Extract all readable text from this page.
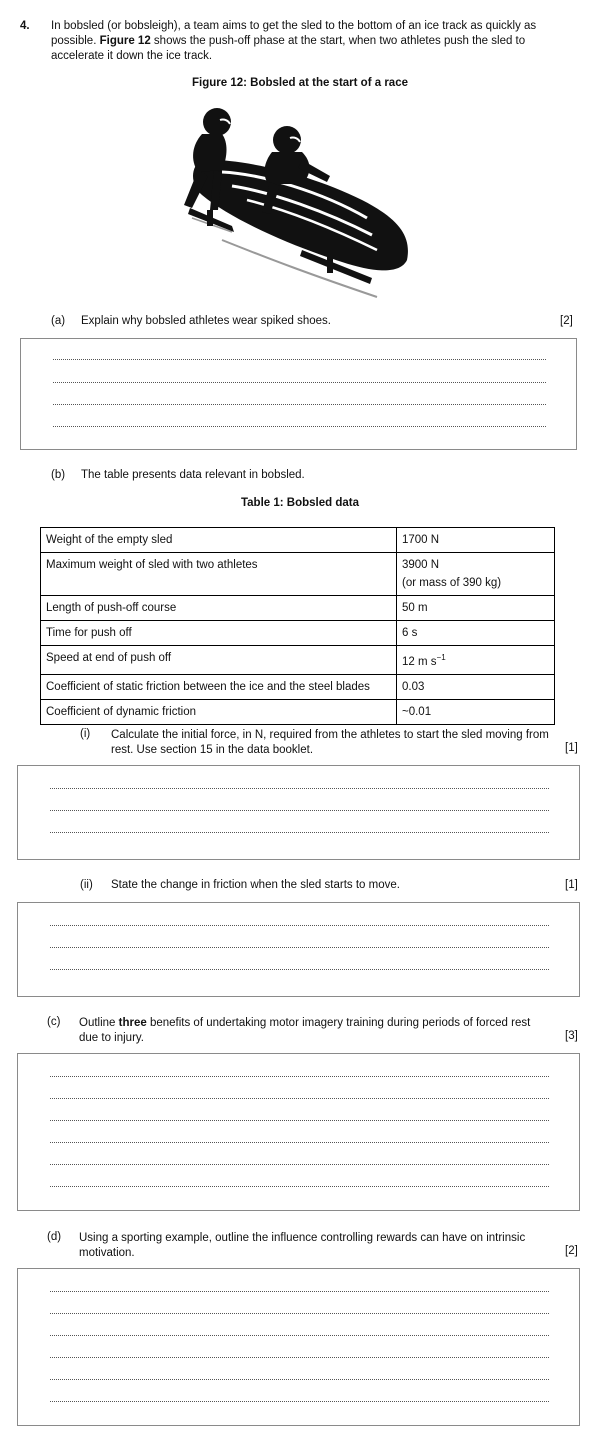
4. In bobsled (or bobsleigh), a team aims to get the sled to the bottom of an ice track as quickly as possible. Figure 12 shows the push-off phase at the start, when two athletes push the sled to accelerate it down the ice track.
Figure 12: Bobsled at the start of a race
(a) Explain why bobsled athletes wear spiked shoes.	[2]
(b) The table presents data relevant in bobsled.
Table 1: Bobsled data
Weight of the empty sled	1700 N
Maximum weight of sled with two athletes	3900 N
(or mass of 390 kg)

Length of push-off course	50 m
Time for push off	6 s
Speed at end of push off	12 m $s^{-1}$
Coefficient of static friction between the ice and the steel blades	0.03
Coefficient of dynamic friction	~0.01
(i) Calculate the initial force, in N, required from the athletes to start the sled moving from rest. Use section 15 in the data booklet.	[1]
(ii) State the change in friction when the sled starts to move.	[1]
(c) Outline three benefits of undertaking motor imagery training during periods of forced rest due to injury.	[3]
(d) Using a sporting example, outline the influence controlling rewards can have on intrinsic motivation.	[2]
